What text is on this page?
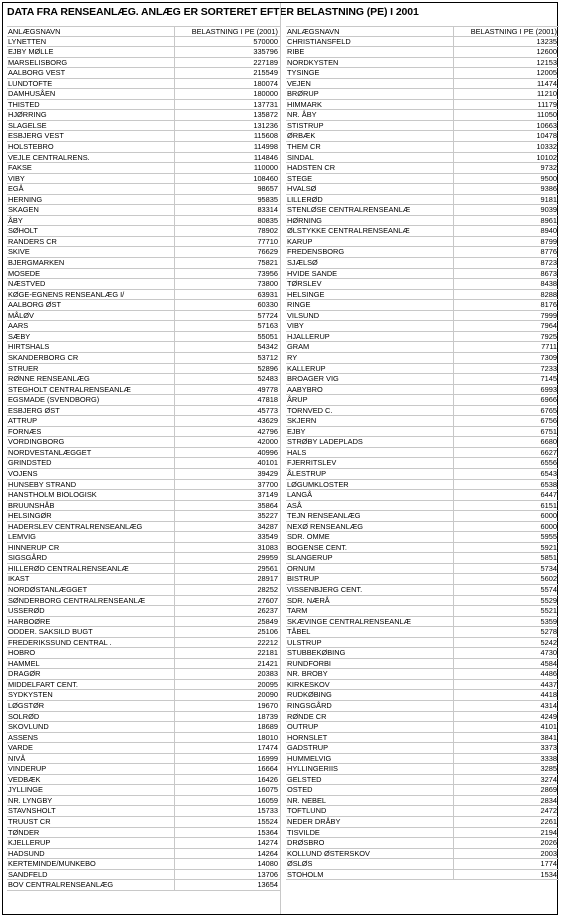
DATA FRA RENSEANLÆG. ANLÆG ER SORTERET EFTER BELASTNING (PE) I 2001
ANLÆGSNAVN	BELASTNING I PE (2001)
LYNETTEN	570000
EJBY MØLLE	335796
MARSELISBORG	227189
AALBORG VEST	215549
LUNDTOFTE	180074
DAMHUSÅEN	180000
THISTED	137731
HJØRRING	135872
SLAGELSE	131236
ESBJERG VEST	115608
HOLSTEBRO	114998
VEJLE CENTRALRENS.	114846
FAKSE	110000
VIBY	108460
EGÅ	98657
HERNING	95835
SKAGEN	83314
ÅBY	80835
SØHOLT	78902
RANDERS CR	77710
SKIVE	76629
BJERGMARKEN	75821
MOSEDE	73956
NÆSTVED	73800
KØGE-EGNENS RENSEANLÆG I/	63931
AALBORG ØST	60330
MÅLØV	57724
AARS	57163
SÆBY	55051
HIRTSHALS	54342
SKANDERBORG CR	53712
STRUER	52896
RØNNE RENSEANLÆG	52483
STEGHOLT CENTRALRENSEANLÆ	49778
EGSMADE (SVENDBORG)	47818
ESBJERG ØST	45773
ATTRUP	43629
FORNÆS	42796
VORDINGBORG	42000
NORDVESTANLÆGGET	40996
GRINDSTED	40101
VOJENS	39429
HUNSEBY STRAND	37700
HANSTHOLM BIOLOGISK	37149
BRUUNSHÅB	35864
HELSINGØR	35227
HADERSLEV CENTRALRENSEANLÆG	34287
LEMVIG	33549
HINNERUP CR	31083
SIGSGÅRD	29959
HILLERØD CENTRALRENSEANLÆ	29561
IKAST	28917
NORDØSTANLÆGGET	28252
SØNDERBORG CENTRALRENSEANLÆ	27607
USSERØD	26237
HARBOØRE	25849
ODDER. SAKSILD BUGT	25106
FREDERIKSSUND CENTRAL .	22212
HOBRO	22181
HAMMEL	21421
DRAGØR	20383
MIDDELFART CENT.	20095
SYDKYSTEN	20090
LØGSTØR	19670
SOLRØD	18739
SKOVLUND	18689
ASSENS	18010
VARDE	17474
NIVÅ	16999
VINDERUP	16664
VEDBÆK	16426
JYLLINGE	16075
NR. LYNGBY	16059
STAVNSHOLT	15733
TRUUST CR	15524
TØNDER	15364
KJELLERUP	14274
HADSUND	14264
KERTEMINDE/MUNKEBO	14080
SANDFELD	13706
BOV CENTRALRENSEANLÆG	13654
ANLÆGSNAVN	BELASTNING I PE (2001)
CHRISTIANSFELD	13235
RIBE	12600
NORDKYSTEN	12153
TYSINGE	12005
VEJEN	11474
BRØRUP	11210
HIMMARK	11179
NR. ÅBY	11050
STISTRUP	10663
ØRBÆK	10478
THEM CR	10332
SINDAL	10102
HADSTEN CR	9732
STEGE	9500
HVALSØ	9386
LILLERØD	9181
STENLØSE CENTRALRENSEANLÆ	9039
HØRNING	8961
ØLSTYKKE CENTRALRENSEANLÆ	8940
KARUP	8799
FREDENSBORG	8776
SJÆLSØ	8723
HVIDE SANDE	8673
TØRSLEV	8438
HELSINGE	8288
RINGE	8176
VILSUND	7999
VIBY	7964
HJALLERUP	7925
GRAM	7711
RY	7309
KALLERUP	7233
BROAGER VIG	7145
AABYBRO	6993
ÅRUP	6966
TORNVED C.	6765
SKJERN	6756
EJBY	6751
STRØBY LADEPLADS	6680
HALS	6627
FJERRITSLEV	6556
ÅLESTRUP	6543
LØGUMKLOSTER	6538
LANGÅ	6447
ASÅ	6151
TEJN RENSEANLÆG	6000
NEXØ RENSEANLÆG	6000
SDR. OMME	5955
BOGENSE CENT.	5921
SLANGERUP	5851
ORNUM	5734
BISTRUP	5602
VISSENBJERG CENT.	5574
SDR. NÆRÅ	5529
TARM	5521
SKÆVINGE CENTRALRENSEANLÆ	5359
TÅBEL	5278
ULSTRUP	5242
STUBBEKØBING	4730
RUNDFORBI	4584
NR. BROBY	4486
KIRKESKOV	4437
RUDKØBING	4418
RINGSGÅRD	4314
RØNDE CR	4249
OUTRUP	4101
HORNSLET	3841
GADSTRUP	3373
HUMMELVIG	3338
HYLLINGERIIS	3285
GELSTED	3274
OSTED	2869
NR. NEBEL	2834
TOFTLUND	2472
NEDER DRÅBY	2261
TISVILDE	2194
DRØSBRO	2026
KOLLUND ØSTERSKOV	2003
ØSLØS	1774
STOHOLM	1534
